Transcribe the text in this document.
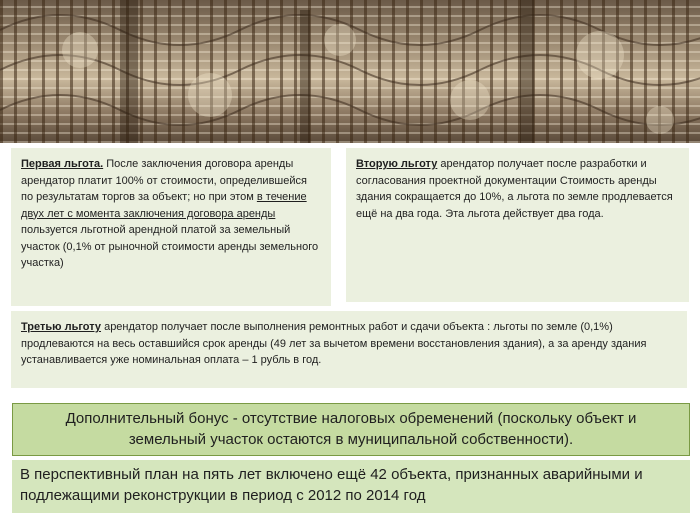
Первая льгота. После заключения договора аренды арендатор платит 100% от стоимости, определившейся по результатам торгов за объект; но при этом в течение двух лет с момента заключения договора аренды пользуется льготной арендной платой за земельный участок (0,1% от рыночной стоимости аренды земельного участка)
Вторую льготу арендатор получает после разработки и согласования проектной документации Стоимость аренды здания сокращается до 10%, а льгота по земле продлевается ещё на два года. Эта льгота действует два года.
Третью льготу арендатор получает после выполнения ремонтных работ и сдачи объекта : льготы по земле (0,1%) продлеваются на весь оставшийся срок аренды (49 лет за вычетом времени восстановления здания), а за аренду здания устанавливается уже номинальная оплата – 1 рубль в год.
Дополнительный бонус - отсутствие налоговых обременений (поскольку объект и земельный участок остаются в муниципальной собственности).
В перспективный план на пять лет включено ещё 42 объекта, признанных аварийными и подлежащими реконструкции в период с 2012 по 2014 год
